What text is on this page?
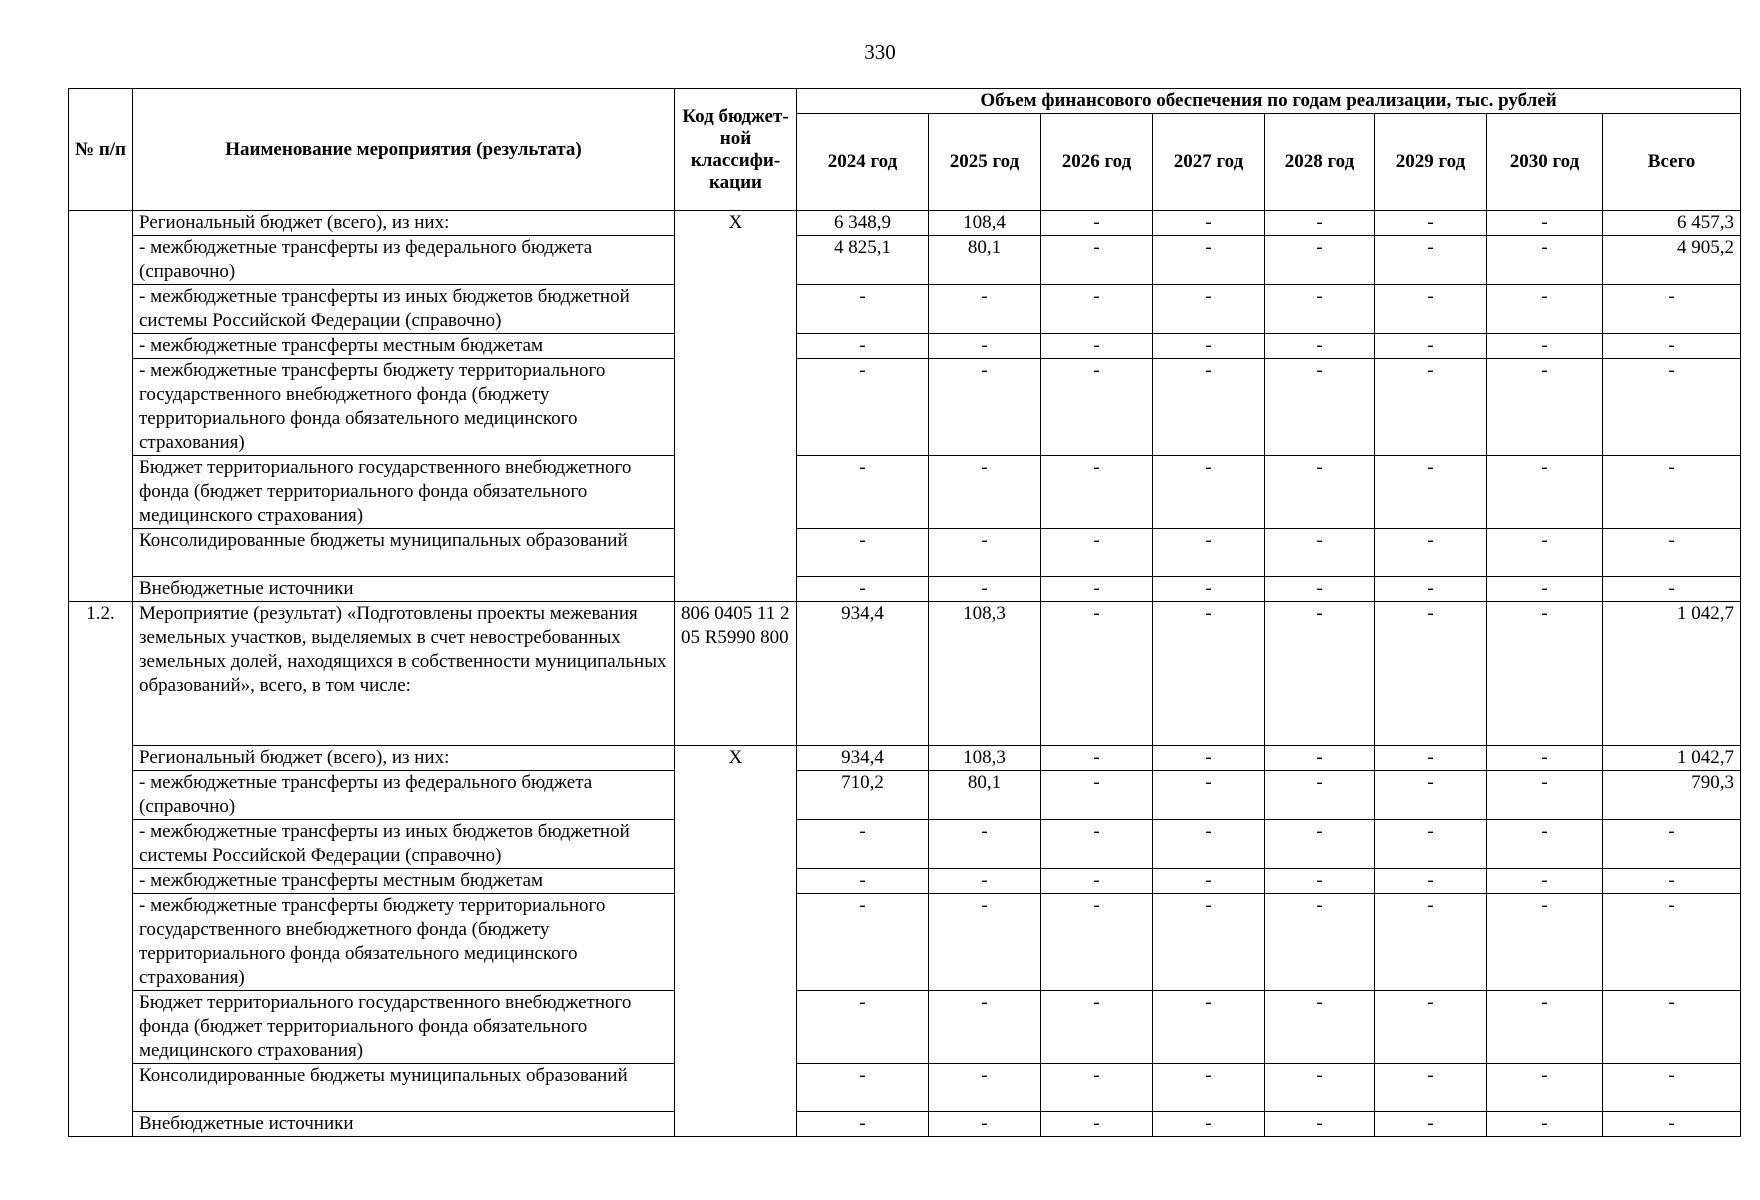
330
№ п/п	Наименование мероприятия (результата)	Код бюджет-ной классифи-кации	Объем финансового обеспечения по годам реализации, тыс. рублей							
			2024 год	2025 год	2026 год	2027 год	2028 год	2029 год	2030 год	Всего
	Региональный бюджет (всего), из них:	X	6 348,9	108,4	-	-	-	-	-	6 457,3
	- межбюджетные трансферты из федерального бюджета (справочно)		4 825,1	80,1	-	-	-	-	-	4 905,2
	- межбюджетные трансферты из иных бюджетов бюджетной системы Российской Федерации (справочно)		-	-	-	-	-	-	-	-
	- межбюджетные трансферты местным бюджетам		-	-	-	-	-	-	-	-
	- межбюджетные трансферты бюджету территориального государственного внебюджетного фонда (бюджету территориального фонда обязательного медицинского страхования)		-	-	-	-	-	-	-	-
	Бюджет территориального государственного внебюджетного фонда (бюджет территориального фонда обязательного медицинского страхования)		-	-	-	-	-	-	-	-
	Консолидированные бюджеты муниципальных образований		-	-	-	-	-	-	-	-
	Внебюджетные источники		-	-	-	-	-	-	-	-
1.2.	Мероприятие (результат) «Подготовлены проекты межевания земельных участков, выделяемых в счет невостребованных земельных долей, находящихся в собственности муниципальных образований», всего, в том числе:	806 0405 11 2 05 R5990 800	934,4	108,3	-	-	-	-	-	1 042,7
	Региональный бюджет (всего), из них:	X	934,4	108,3	-	-	-	-	-	1 042,7
	- межбюджетные трансферты из федерального бюджета (справочно)		710,2	80,1	-	-	-	-	-	790,3
	- межбюджетные трансферты из иных бюджетов бюджетной системы Российской Федерации (справочно)		-	-	-	-	-	-	-	-
	- межбюджетные трансферты местным бюджетам		-	-	-	-	-	-	-	-
	- межбюджетные трансферты бюджету территориального государственного внебюджетного фонда (бюджету территориального фонда обязательного медицинского страхования)		-	-	-	-	-	-	-	-
	Бюджет территориального государственного внебюджетного фонда (бюджет территориального фонда обязательного медицинского страхования)		-	-	-	-	-	-	-	-
	Консолидированные бюджеты муниципальных образований		-	-	-	-	-	-	-	-
	Внебюджетные источники		-	-	-	-	-	-	-	-
